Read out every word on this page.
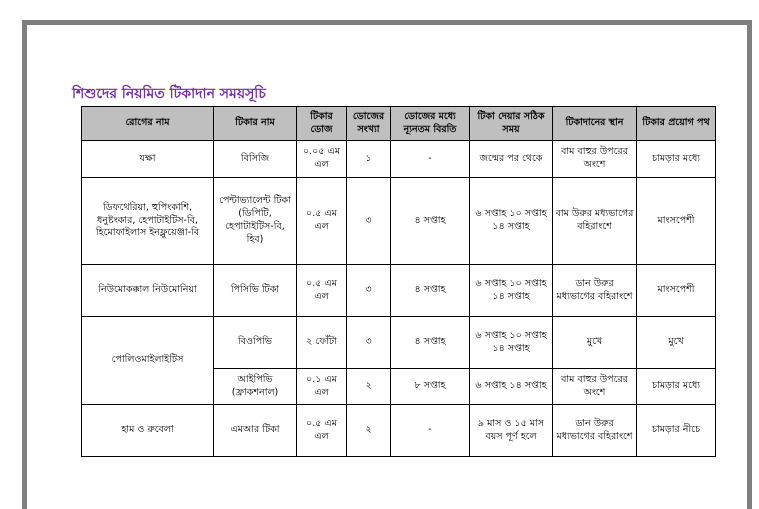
শিশুদের নিয়মিত টিকাদান সময়সূচি
রোগের নাম	টিকার নাম	টিকার ডোজ	ডোজের সংখ্যা	ডোজের মধ্যে ন্যূনতম বিরতি	টিকা দেয়ার সঠিক সময়	টিকাদানের স্থান	টিকার প্রয়োগ পথ
যক্ষা	বিসিজি	০.০৫ এম এল	১	-	জন্মের পর থেকে	বাম বাহুর উপরের অংশে	চামড়ার মধ্যে
ডিফথেরিয়া, হুপিংকাশি, ধনুষ্টংকার, হেপাটাইটিস-বি, হিমোফাইলাস ইনফ্লুয়েঞ্জা-বি	পেন্টাভ্যালেন্ট টিকা (ডিপিটি, হেপাটাইটিস-বি, হিব)	০.৫ এম এল	৩	৪ সপ্তাহ	৬ সপ্তাহ ১০ সপ্তাহ ১৪ সপ্তাহ	বাম উরুর মধ্যভাগের বহিরাংশে	মাংসপেশী
নিউমোকক্কাল নিউমোনিয়া	পিসিভি টিকা	০.৫ এম এল	৩	৪ সপ্তাহ	৬ সপ্তাহ ১০ সপ্তাহ ১৪ সপ্তাহ	ডান উরুর মধ্যভাগের বহিরাংশে	মাংসপেশী
পোলিওমাইলাইটিস	বিওপিভি	২ ফোঁটা	৩	৪ সপ্তাহ	৬ সপ্তাহ ১০ সপ্তাহ ১৪ সপ্তাহ	মুখে	মুখে
	আইপিভি (ফ্রাকশনাল)	০.১ এম এল	২	৮ সপ্তাহ	৬ সপ্তাহ ১৪ সপ্তাহ	বাম বাহুর উপরের অংশে	চামড়ার মধ্যে
হাম ও রুবেলা	এমআর টিকা	০.৫ এম এল	২	-	৯ মাস ও ১৫ মাস বয়স পূর্ণ হলে	ডান উরুর মধ্যভাগের বহিরাংশে	চামড়ার নীচে
